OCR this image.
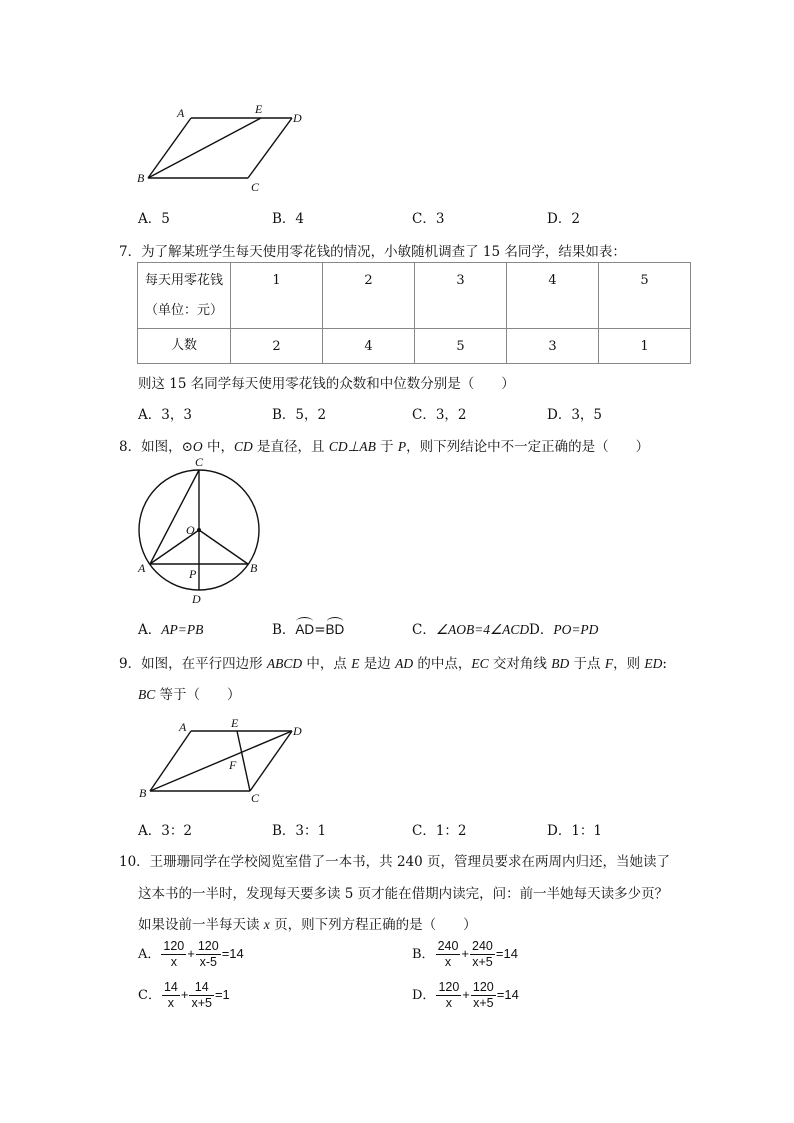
A	E
D
B
C
A．5	B．4	C．3	D．2
7．为了解某班学生每天使用零花钱的情况，小敏随机调查了 15 名同学，结果如表：
每天用零花钱
（单位：元）	1	2	3	4	5
人数	2	4	5	3	1
则这 15 名同学每天使用零花钱的众数和中位数分别是（　　）
A．3，3	B．5，2	C．3，2	D．3，5
8．如图，⊙O 中，CD 是直径，且 CD⊥AB 于 P，则下列结论中不一定正确的是（　　）
C
O
A	B
P
D
A．AP=PB	B．AD=BD	C．∠AOB=4∠ACD D．PO=PD
9．如图，在平行四边形 ABCD 中，点 E 是边 AD 的中点，EC 交对角线 BD 于点 F，则 ED:
BC 等于（　　）
A	E
D
F
B	C
A．3：2	B．3：1	C．1：2	D．1：1
10．王珊珊同学在学校阅览室借了一本书，共 240 页，管理员要求在两周内归还，当她读了
这本书的一半时，发现每天要多读 5 页才能在借期内读完，问：前一半她每天读多少页？
如果设前一半每天读 x 页，则下列方程正确的是（　　）
A． $\frac{120}{x} + \frac{120}{x-5} =14$	B． $\frac{240}{x} + \frac{240}{x+5} =14$
C． $\frac{14}{x} + \frac{14}{x+5} =1$	D． $\frac{120}{x} + \frac{120}{x+5} =14$
